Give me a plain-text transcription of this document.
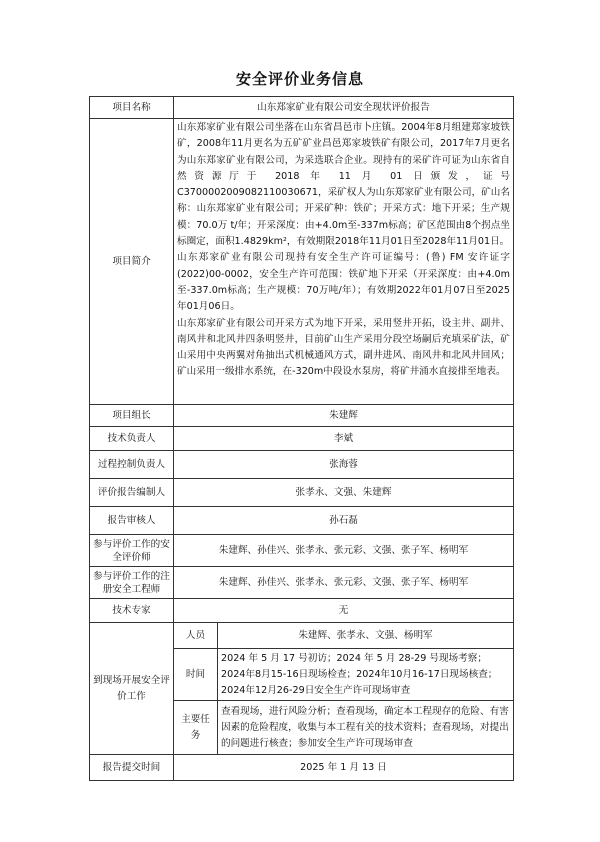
安全评价业务信息
项目名称	山东郑家矿业有限公司安全现状评价报告	
项目简介	山东郑家矿业有限公司坐落在山东省昌邑市卜庄镇。2004年8月组建郑家坡铁矿，2008年11月更名为五矿矿业昌邑郑家坡铁矿有限公司，2017年7月更名为山东郑家矿业有限公司，为采选联合企业。现持有的采矿许可证为山东省自然资源厅于 2018 年 11 月 01 日颁发，证号C3700002009082110030671，采矿权人为山东郑家矿业有限公司，矿山名称：山东郑家矿业有限公司；开采矿种：铁矿；开采方式：地下开采；生产规模：70.0万 t/年；开采深度：由+4.0m至-337m标高；矿区范围由8个拐点坐标圈定，面积1.4829km²，有效期限2018年11月01日至2028年11月01日。

山东郑家矿业有限公司现持有安全生产许可证编号：(鲁) FM 安许证字(2022)00-0002，安全生产许可范围：铁矿地下开采（开采深度：由+4.0m至-337.0m标高；生产规模：70万吨/年）；有效期2022年01月07日至2025年01月06日。

山东郑家矿业有限公司开采方式为地下开采，采用竖井开拓，设主井、副井、南风井和北风井四条明竖井，目前矿山生产采用分段空场嗣后充填采矿法，矿山采用中央两翼对角抽出式机械通风方式，副井进风、南风井和北风井回风；矿山采用一级排水系统，在-320m中段设水泵房，将矿井涌水直接排至地表。	

项目组长	朱建辉	
技术负责人	李斌	
过程控制负责人	张海蓉	
评价报告编制人	张孝永、文强、朱建辉	
报告审核人	孙石磊	
参与评价工作的安全评价师	朱建辉、孙佳兴、张孝永、张元彩、文强、张子军、杨明军	
参与评价工作的注册安全工程师	朱建辉、孙佳兴、张孝永、张元彩、文强、张子军、杨明军	
技术专家	无	
到现场开展安全评价工作	人员	朱建辉、张孝永、文强、杨明军
	时间	2024 年 5 月 17 号初访；2024 年 5 月 28-29 号现场考察；2024年8月15-16日现场检查；2024年10月16-17日现场核查；2024年12月26-29日安全生产许可现场审查
	主要任务	查看现场，进行风险分析；查看现场，确定本工程现存的危险、有害因素的危险程度，收集与本工程有关的技术资料；查看现场，对提出的问题进行核查；参加安全生产许可现场审查
报告提交时间	2025 年 1 月 13 日	
